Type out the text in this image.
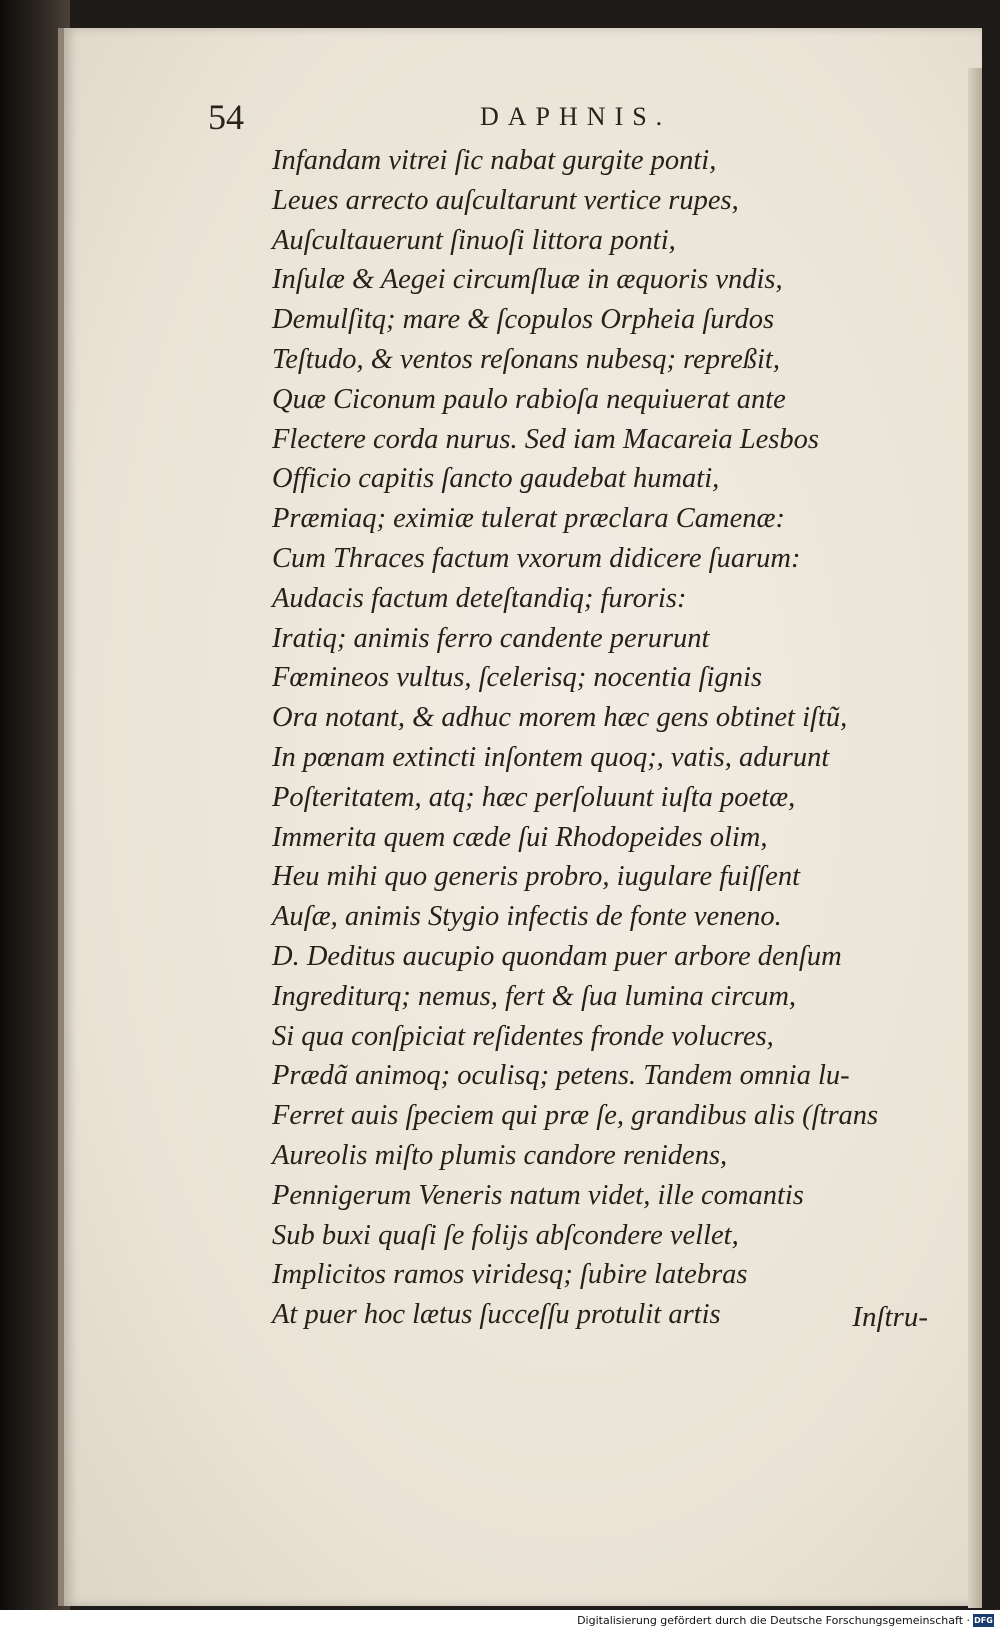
54	DAPHNIS.
Infandam vitrei ſic nabat gurgite ponti,
Leues arrecto auſcultarunt vertice rupes,
Auſcultauerunt ſinuoſi littora ponti,
Inſulæ & Aegei circumſluæ in æquoris vndis,
Demulſitq; mare & ſcopulos Orpheia ſurdos
Teſtudo, & ventos reſonans nubesq; repreßit,
Quæ Ciconum paulo rabioſa nequiuerat ante
Flectere corda nurus. Sed iam Macareia Lesbos
Officio capitis ſancto gaudebat humati,
Præmiaq; eximiæ tulerat præclara Camenæ:
Cum Thraces factum vxorum didicere ſuarum:
Audacis factum deteſtandiq; furoris:
Iratiq; animis ferro candente perurunt
Fœmineos vultus, ſcelerisq; nocentia ſignis
Ora notant, & adhuc morem hæc gens obtinet iſtũ,
In pœnam extincti inſontem quoq;, vatis, adurunt
Poſteritatem, atq; hæc perſoluunt iuſta poetæ,
Immerita quem cæde ſui Rhodopeides olim,
Heu mihi quo generis probro, iugulare fuiſſent
Auſæ, animis Stygio infectis de fonte veneno.
D. Deditus aucupio quondam puer arbore denſum
Ingrediturq; nemus, fert & ſua lumina circum,
Si qua conſpiciat reſidentes fronde volucres,
Prædã animoq; oculisq; petens. Tandem omnia lu-
Ferret auis ſpeciem qui præ ſe, grandibus alis (ſtrans
Aureolis miſto plumis candore renidens,
Pennigerum Veneris natum videt, ille comantis
Sub buxi quaſi ſe folijs abſcondere vellet,
Implicitos ramos viridesq; ſubire latebras
At puer hoc lætus ſucceſſu protulit artis	Inſtru-
Digitalisierung gefördert durch die Deutsche Forschungsgemeinschaft · DFG
